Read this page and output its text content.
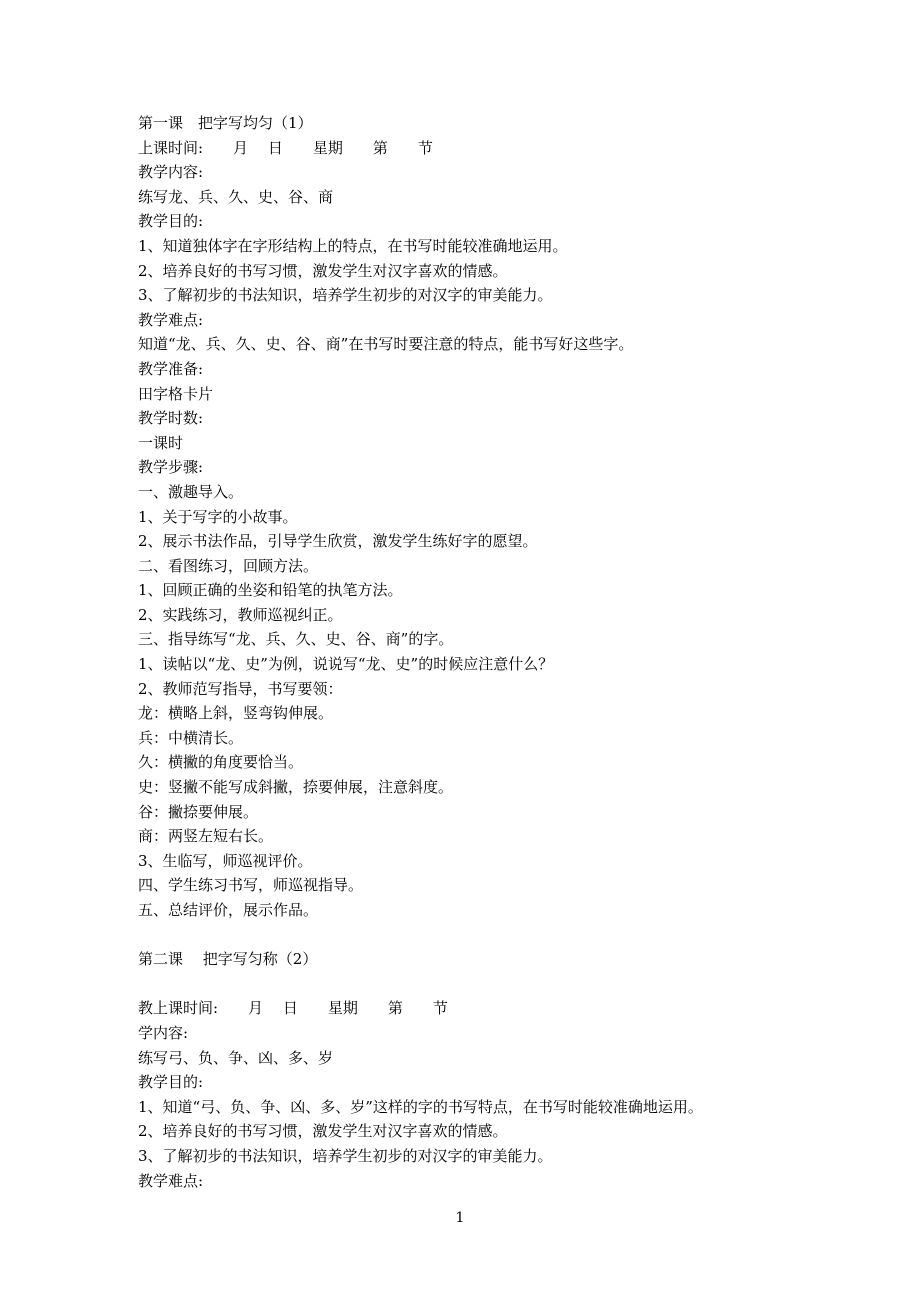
第一课　把字写均匀（1）
上课时间:　　月　 日　　星期　　第　　节
教学内容:
练写龙、兵、久、史、谷、商
教学目的:
1、知道独体字在字形结构上的特点，在书写时能较准确地运用。
2、培养良好的书写习惯，激发学生对汉字喜欢的情感。
3、了解初步的书法知识，培养学生初步的对汉字的审美能力。
教学难点:
知道“龙、兵、久、史、谷、商”在书写时要注意的特点，能书写好这些字。
教学准备:
田字格卡片
教学时数:
一课时
教学步骤:
一、激趣导入。
1、关于写字的小故事。
2、展示书法作品，引导学生欣赏，激发学生练好字的愿望。
二、看图练习，回顾方法。
1、回顾正确的坐姿和铅笔的执笔方法。
2、实践练习，教师巡视纠正。
三、指导练写“龙、兵、久、史、谷、商”的字。
1、读帖以“龙、史”为例，说说写“龙、史”的时候应注意什么？
2、教师范写指导，书写要领：
龙：横略上斜，竖弯钩伸展。
兵：中横清长。
久：横撇的角度要恰当。
史：竖撇不能写成斜撇，捺要伸展，注意斜度。
谷：撇捺要伸展。
商：两竖左短右长。
3、生临写，师巡视评价。
四、学生练习书写，师巡视指导。
五、总结评价，展示作品。
第二课　 把字写匀称（2）
教上课时间:　　月　 日　　星期　　第　　节
学内容:
练写弓、负、争、凶、多、岁
教学目的:
1、知道“弓、负、争、凶、多、岁”这样的字的书写特点，在书写时能较准确地运用。
2、培养良好的书写习惯，激发学生对汉字喜欢的情感。
3、了解初步的书法知识，培养学生初步的对汉字的审美能力。
教学难点:
1
